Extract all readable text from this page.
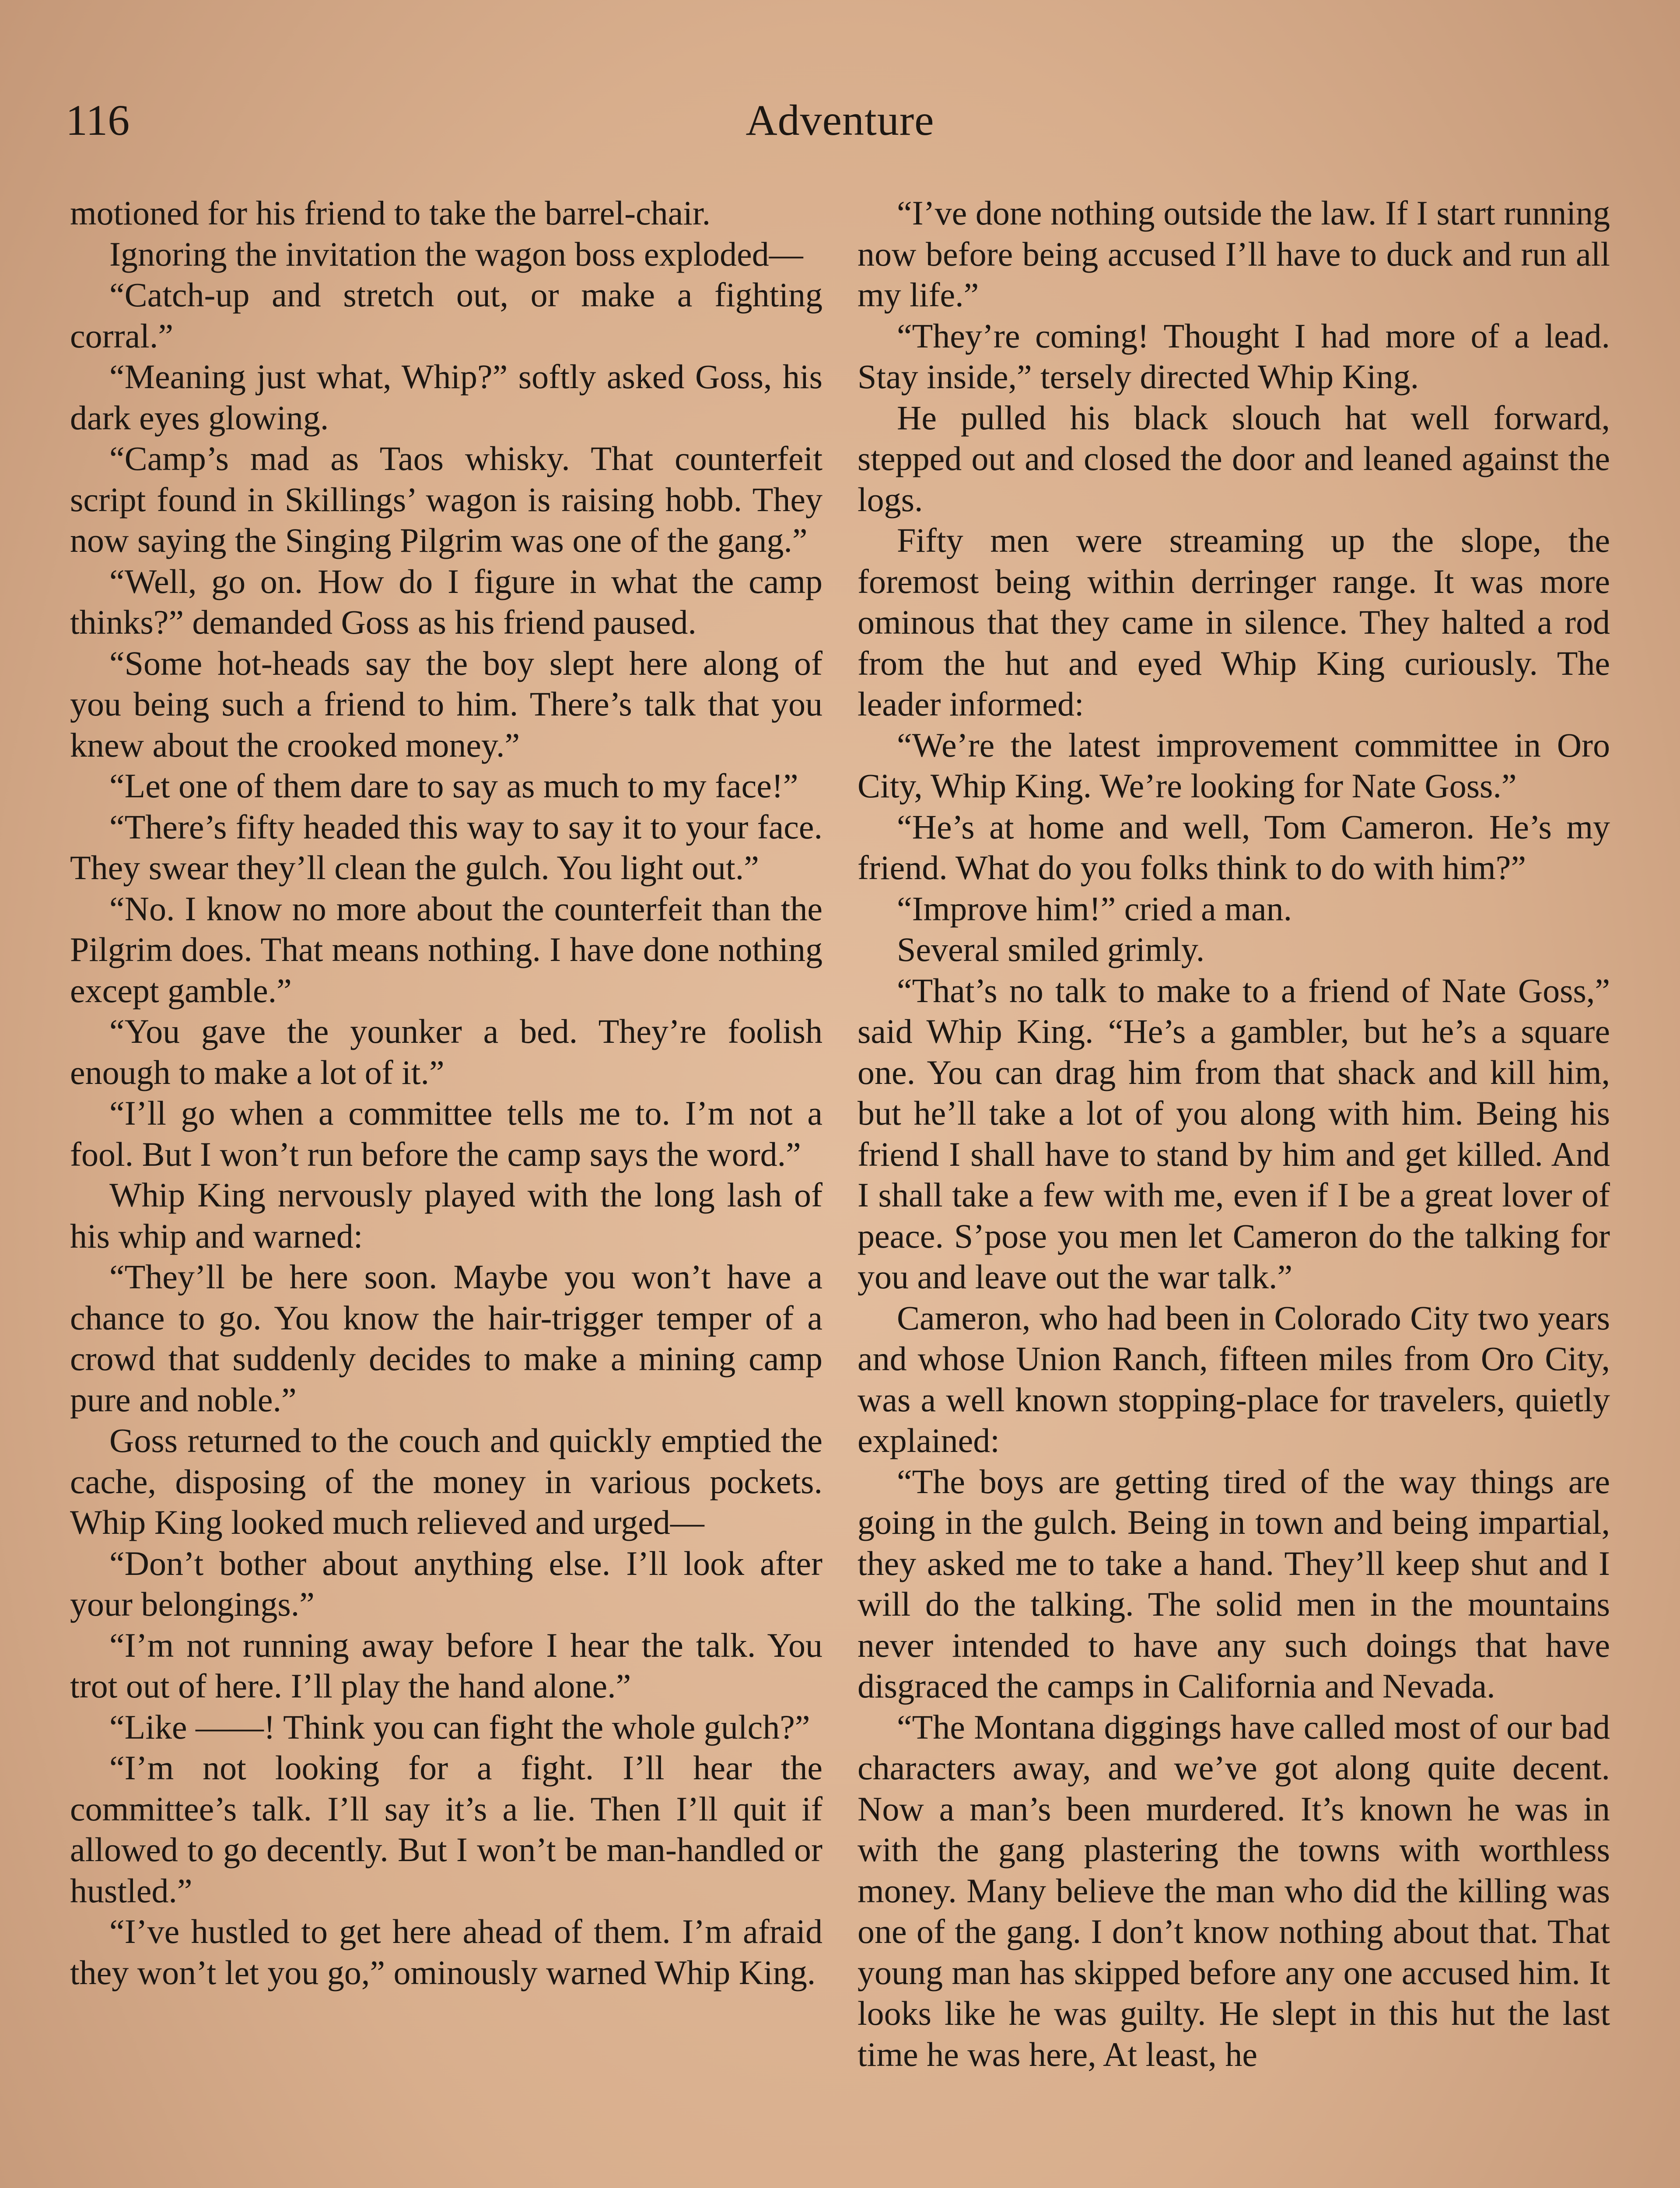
116	Adventure

motioned for his friend to take the barrel-chair.

Ignoring the invitation the wagon boss exploded—

“Catch-up and stretch out, or make a fighting corral.”

“Meaning just what, Whip?” softly asked Goss, his dark eyes glowing.

“Camp’s mad as Taos whisky. That counterfeit script found in Skillings’ wagon is raising hobb. They now saying the Singing Pilgrim was one of the gang.”

“Well, go on. How do I figure in what the camp thinks?” demanded Goss as his friend paused.

“Some hot-heads say the boy slept here along of you being such a friend to him. There’s talk that you knew about the crooked money.”

“Let one of them dare to say as much to my face!”

“There’s fifty headed this way to say it to your face. They swear they’ll clean the gulch. You light out.”

“No. I know no more about the counterfeit than the Pilgrim does. That means nothing. I have done nothing except gamble.”

“You gave the younker a bed. They’re foolish enough to make a lot of it.”

“I’ll go when a committee tells me to. I’m not a fool. But I won’t run before the camp says the word.”

Whip King nervously played with the long lash of his whip and warned:

“They’ll be here soon. Maybe you won’t have a chance to go. You know the hair-trigger temper of a crowd that suddenly decides to make a mining camp pure and noble.”

Goss returned to the couch and quickly emptied the cache, disposing of the money in various pockets. Whip King looked much relieved and urged—

“Don’t bother about anything else. I’ll look after your belongings.”

“I’m not running away before I hear the talk. You trot out of here. I’ll play the hand alone.”

“Like ——! Think you can fight the whole gulch?”

“I’m not looking for a fight. I’ll hear the committee’s talk. I’ll say it’s a lie. Then I’ll quit if allowed to go decently. But I won’t be man-handled or hustled.”

“I’ve hustled to get here ahead of them. I’m afraid they won’t let you go,” ominously warned Whip King.

“I’ve done nothing outside the law. If I start running now before being accused I’ll have to duck and run all my life.”

“They’re coming! Thought I had more of a lead. Stay inside,” tersely directed Whip King.

He pulled his black slouch hat well forward, stepped out and closed the door and leaned against the logs.

Fifty men were streaming up the slope, the foremost being within derringer range. It was more ominous that they came in silence. They halted a rod from the hut and eyed Whip King curiously. The leader informed:

“We’re the latest improvement committee in Oro City, Whip King. We’re looking for Nate Goss.”

“He’s at home and well, Tom Cameron. He’s my friend. What do you folks think to do with him?”

“Improve him!” cried a man.

Several smiled grimly.

“That’s no talk to make to a friend of Nate Goss,” said Whip King. “He’s a gambler, but he’s a square one. You can drag him from that shack and kill him, but he’ll take a lot of you along with him. Being his friend I shall have to stand by him and get killed. And I shall take a few with me, even if I be a great lover of peace. S’pose you men let Cameron do the talking for you and leave out the war talk.”

Cameron, who had been in Colorado City two years and whose Union Ranch, fifteen miles from Oro City, was a well known stopping-place for travelers, quietly explained:

“The boys are getting tired of the way things are going in the gulch. Being in town and being impartial, they asked me to take a hand. They’ll keep shut and I will do the talking. The solid men in the mountains never intended to have any such doings that have disgraced the camps in California and Nevada.

“The Montana diggings have called most of our bad characters away, and we’ve got along quite decent. Now a man’s been murdered. It’s known he was in with the gang plastering the towns with worthless money. Many believe the man who did the killing was one of the gang. I don’t know nothing about that. That young man has skipped before any one accused him. It looks like he was guilty. He slept in this hut the last time he was here, At least, he
